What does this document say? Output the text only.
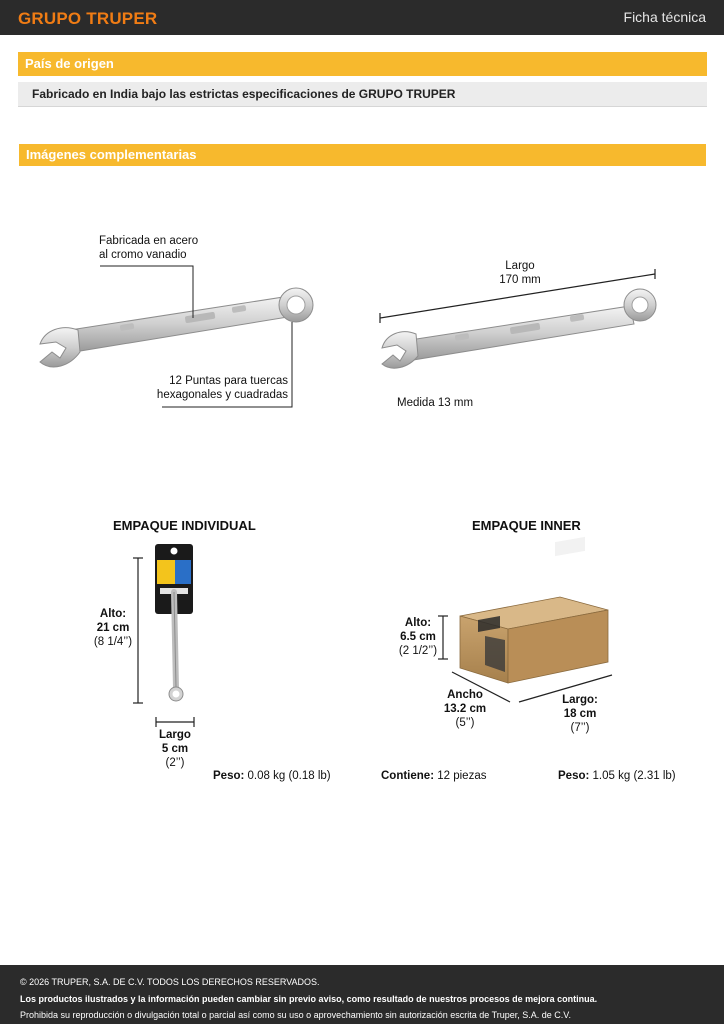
GRUPO TRUPER	Ficha técnica
País de origen
Fabricado en India bajo las estrictas especificaciones de GRUPO TRUPER
Imágenes complementarias
Fabricada en acero
al cromo vanadio
12 Puntas para tuercas
hexagonales y cuadradas
Largo
170 mm
Medida 13 mm
EMPAQUE INDIVIDUAL
Alto:
21 cm
(8 1/4’’)
Largo
5 cm
(2’’)
Peso: 0.08 kg (0.18 lb)
EMPAQUE INNER
Alto:
6.5 cm
(2 1/2’’)
Ancho
13.2 cm
(5’’)
Largo:
18 cm
(7’’)
Contiene: 12 piezas	Peso: 1.05 kg (2.31 lb)
© 2026 TRUPER, S.A. DE C.V. TODOS LOS DERECHOS RESERVADOS.
Los productos ilustrados y la información pueden cambiar sin previo aviso, como resultado de nuestros procesos de mejora continua.
Prohibida su reproducción o divulgación total o parcial así como su uso o aprovechamiento sin autorización escrita de Truper, S.A. de C.V.
